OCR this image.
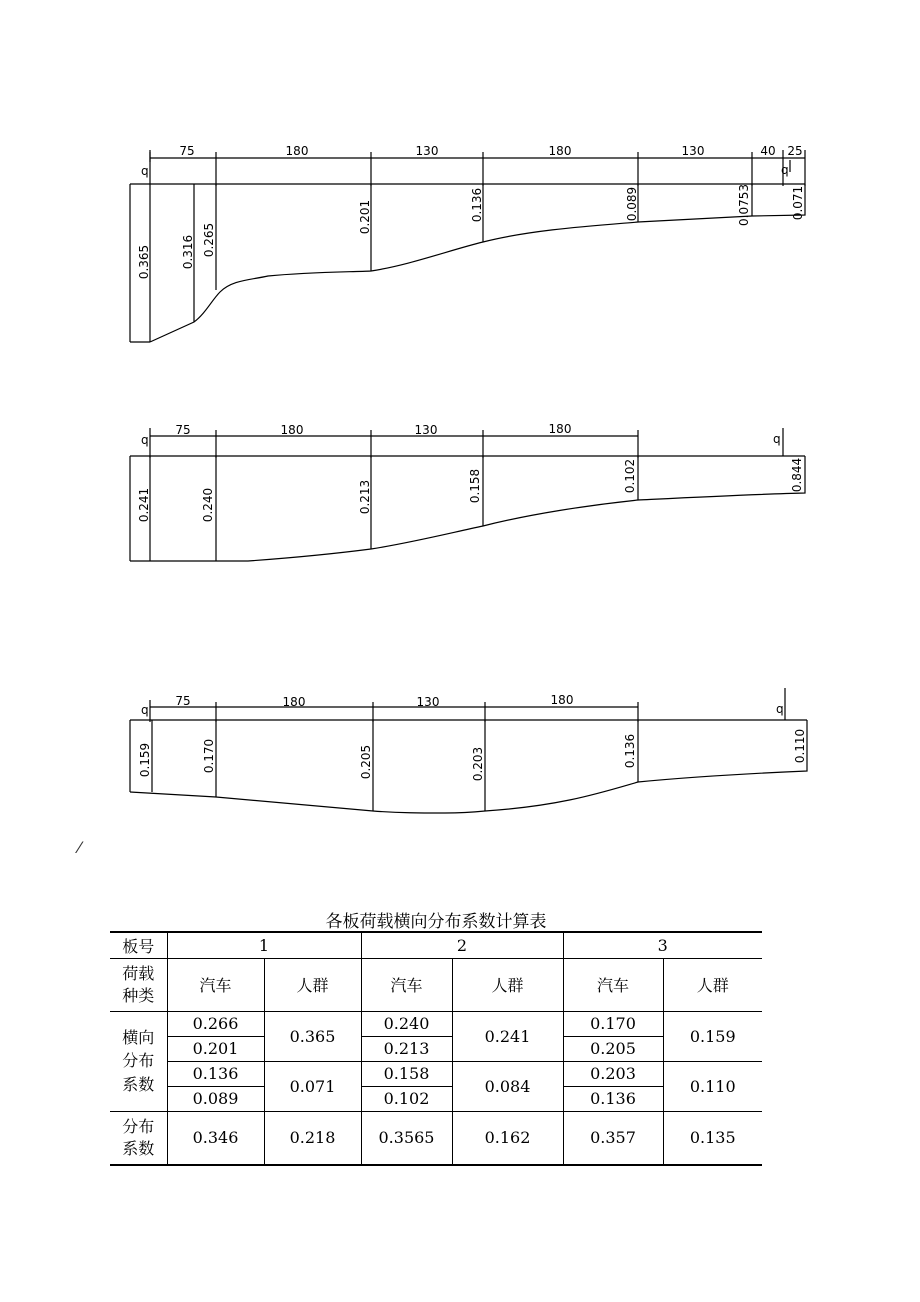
75	180	130	180	130	40 25
q	q
0.365	0.316 0.265
0.201	0.136	0.089	0.0753	0.071
75	180	130	180
q	q
0.241	0.240	0.213	0.158	0.102	0.844
75	180	130	180
q	q
0.159	0.170	0.205	0.203	0.136	0.110
⁄
各板荷载横向分布系数计算表
板号	1		2		3	

荷载种类	汽车	人群	汽车	人群	汽车	人群

横向分布系数	0.266	0.365	0.240	0.241	0.170	0.159
	0.201		0.213		0.205	
	0.136	0.071	0.158	0.084	0.203	0.110
	0.089		0.102		0.136	

分布系数	0.346	0.218	0.3565	0.162	0.357	0.135
